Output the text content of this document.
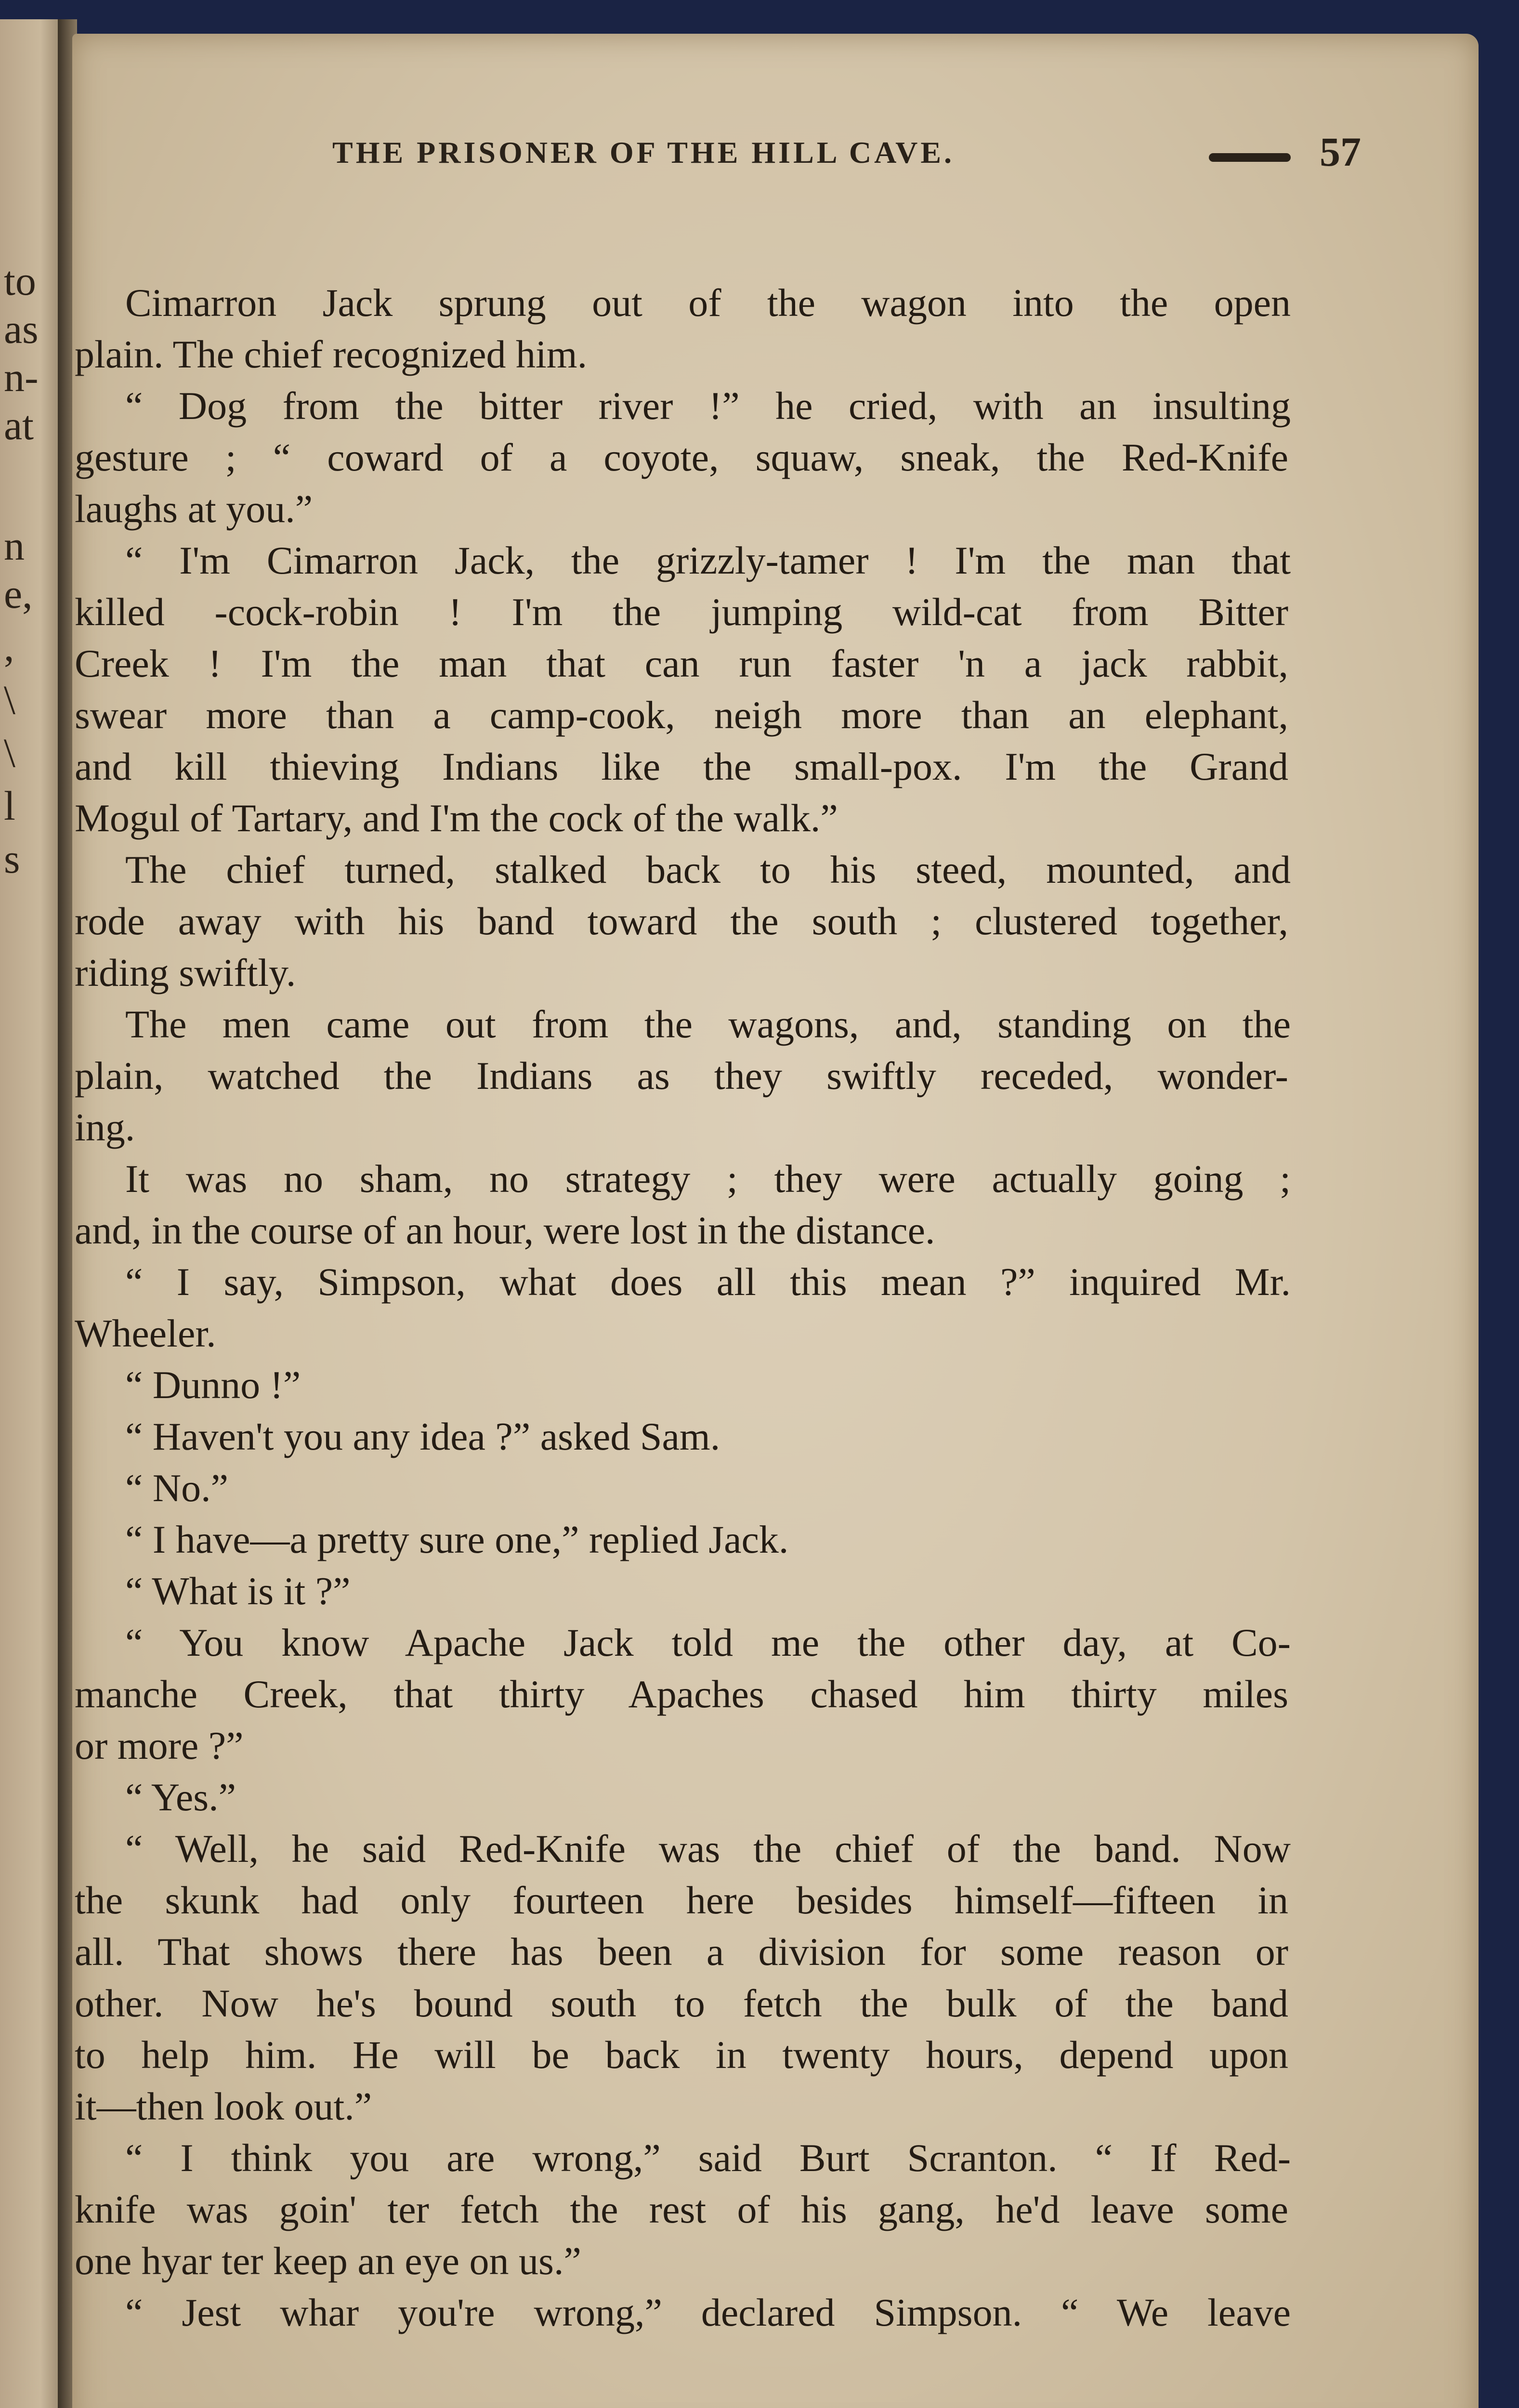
to
as
n-
at
n
e,
,
\
\
l
s
THE PRISONER OF THE HILL CAVE.	57
Cimarron Jack sprung out of the wagon into the open
plain. The chief recognized him.
“ Dog from the bitter river !” he cried, with an insulting
gesture ; “ coward of a coyote, squaw, sneak, the Red-Knife
laughs at you.”
“ I'm Cimarron Jack, the grizzly-tamer ! I'm the man that
killed -cock-robin ! I'm the jumping wild-cat from Bitter
Creek ! I'm the man that can run faster 'n a jack rabbit,
swear more than a camp-cook, neigh more than an elephant,
and kill thieving Indians like the small-pox. I'm the Grand
Mogul of Tartary, and I'm the cock of the walk.”
The chief turned, stalked back to his steed, mounted, and
rode away with his band toward the south ; clustered together,
riding swiftly.
The men came out from the wagons, and, standing on the
plain, watched the Indians as they swiftly receded, wonder-
ing.
It was no sham, no strategy ; they were actually going ;
and, in the course of an hour, were lost in the distance.
“ I say, Simpson, what does all this mean ?” inquired Mr.
Wheeler.
“ Dunno !”
“ Haven't you any idea ?” asked Sam.
“ No.”
“ I have—a pretty sure one,” replied Jack.
“ What is it ?”
“ You know Apache Jack told me the other day, at Co-
manche Creek, that thirty Apaches chased him thirty miles
or more ?”
“ Yes.”
“ Well, he said Red-Knife was the chief of the band. Now
the skunk had only fourteen here besides himself—fifteen in
all. That shows there has been a division for some reason or
other. Now he's bound south to fetch the bulk of the band
to help him. He will be back in twenty hours, depend upon
it—then look out.”
“ I think you are wrong,” said Burt Scranton. “ If Red-
knife was goin' ter fetch the rest of his gang, he'd leave some
one hyar ter keep an eye on us.”
“ Jest whar you're wrong,” declared Simpson. “ We leave
